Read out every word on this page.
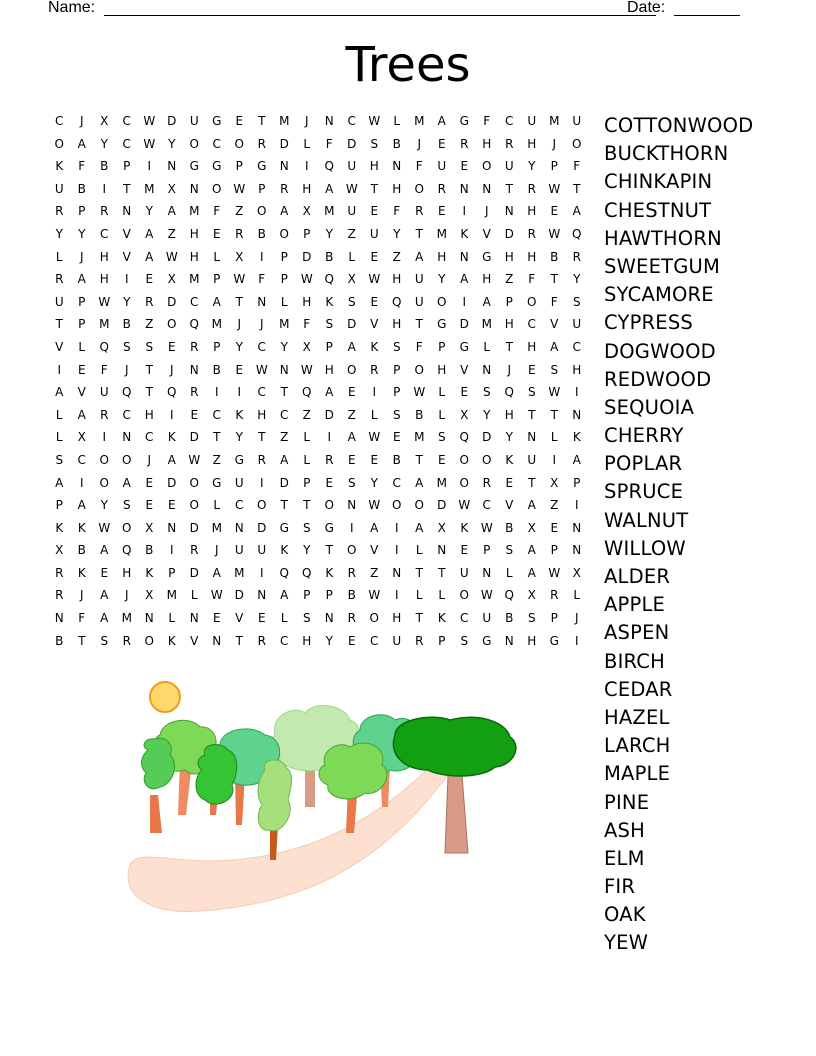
Name:	Date:
Trees
C	J	X	C	W D	U	G	E	T	M	J	N	C	W	L	M	A	G	F	C	U	M	U
O	A	Y	C	W	Y	O	C	O	R	D	L	F	D	S	B	J	E	R	H	R	H	J	O
K	F	B	P	I	N	G	G	P	G	N	I	Q	U	H	N	F	U	E	O	U	Y	P	F
U	B	I	T	M	X	N	O W	P	R	H	A	W	T	H	O	R	N	N	T	R	W	T
R	P	R	N	Y	A	M	F	Z	O	A	X	M	U	E	F	R	E	I	J	N	H	E	A
Y	Y	C	V	A	Z	H	E	R	B	O	P	Y	Z	U	Y	T	M	K	V	D	R	W Q
L	J	H	V	A	W	H	L	X	I	P	D	B	L	E	Z	A	H	N	G	H	H	B	R
R	A	H	I	E	X	M	P	W	F	P	W Q	X	W	H	U	Y	A	H	Z	F	T	Y
U	P	W	Y	R	D	C	A	T	N	L	H	K	S	E	Q	U	O	I	A	P	O	F	S
T	P	M	B	Z	O	Q	M	J	J	M	F	S	D	V	H	T	G	D	M	H	C	V	U
V	L	Q	S	S	E	R	P	Y	C	Y	X	P	A	K	S	F	P	G	L	T	H	A	C
I	E	F	J	T	J	N	B	E	W	N	W	H	O	R	P	O	H	V	N	J	E	S	H
A	V	U	Q	T	Q	R	I	I	C	T	Q	A	E	I	P	W	L	E	S	Q	S	W	I
L	A	R	C	H	I	E	C	K	H	C	Z	D	Z	L	S	B	L	X	Y	H	T	T	N
L	X	I	N	C	K	D	T	Y	T	Z	L	I	A	W	E	M	S	Q	D	Y	N	L	K
S	C	O	O	J	A	W	Z	G	R	A	L	R	E	E	B	T	E	O	O	K	U	I	A
A	I	O	A	E	D	O	G	U	I	D	P	E	S	Y	C	A	M	O	R	E	T	X	P
P	A	Y	S	E	E	O	L	C	O	T	T	O	N	W O	O	D W	C	V	A	Z	I
K	K	W O	X	N	D	M	N	D	G	S	G	I	A	I	A	X	K	W	B	X	E	N
X	B	A	Q	B	I	R	J	U	U	K	Y	T	O	V	I	L	N	E	P	S	A	P	N
R	K	E	H	K	P	D	A	M	I	Q	Q	K	R	Z	N	T	T	U	N	L	A	W	X
R	J	A	J	X	M	L	W D	N	A	P	P	B	W	I	L	L	O W Q	X	R	L
N	F	A	M	N	L	N	E	V	E	L	S	N	R	O	H	T	K	C	U	B	S	P	J
B	T	S	R	O	K	V	N	T	R	C	H	Y	E	C	U	R	P	S	G	N	H	G	I
COTTONWOOD
BUCKTHORN
CHINKAPIN
CHESTNUT
HAWTHORN
SWEETGUM
SYCAMORE
CYPRESS
DOGWOOD
REDWOOD
SEQUOIA
CHERRY
POPLAR
SPRUCE
WALNUT
WILLOW
ALDER
APPLE
ASPEN
BIRCH
CEDAR
HAZEL
LARCH
MAPLE
PINE
ASH
ELM
FIR
OAK
YEW
